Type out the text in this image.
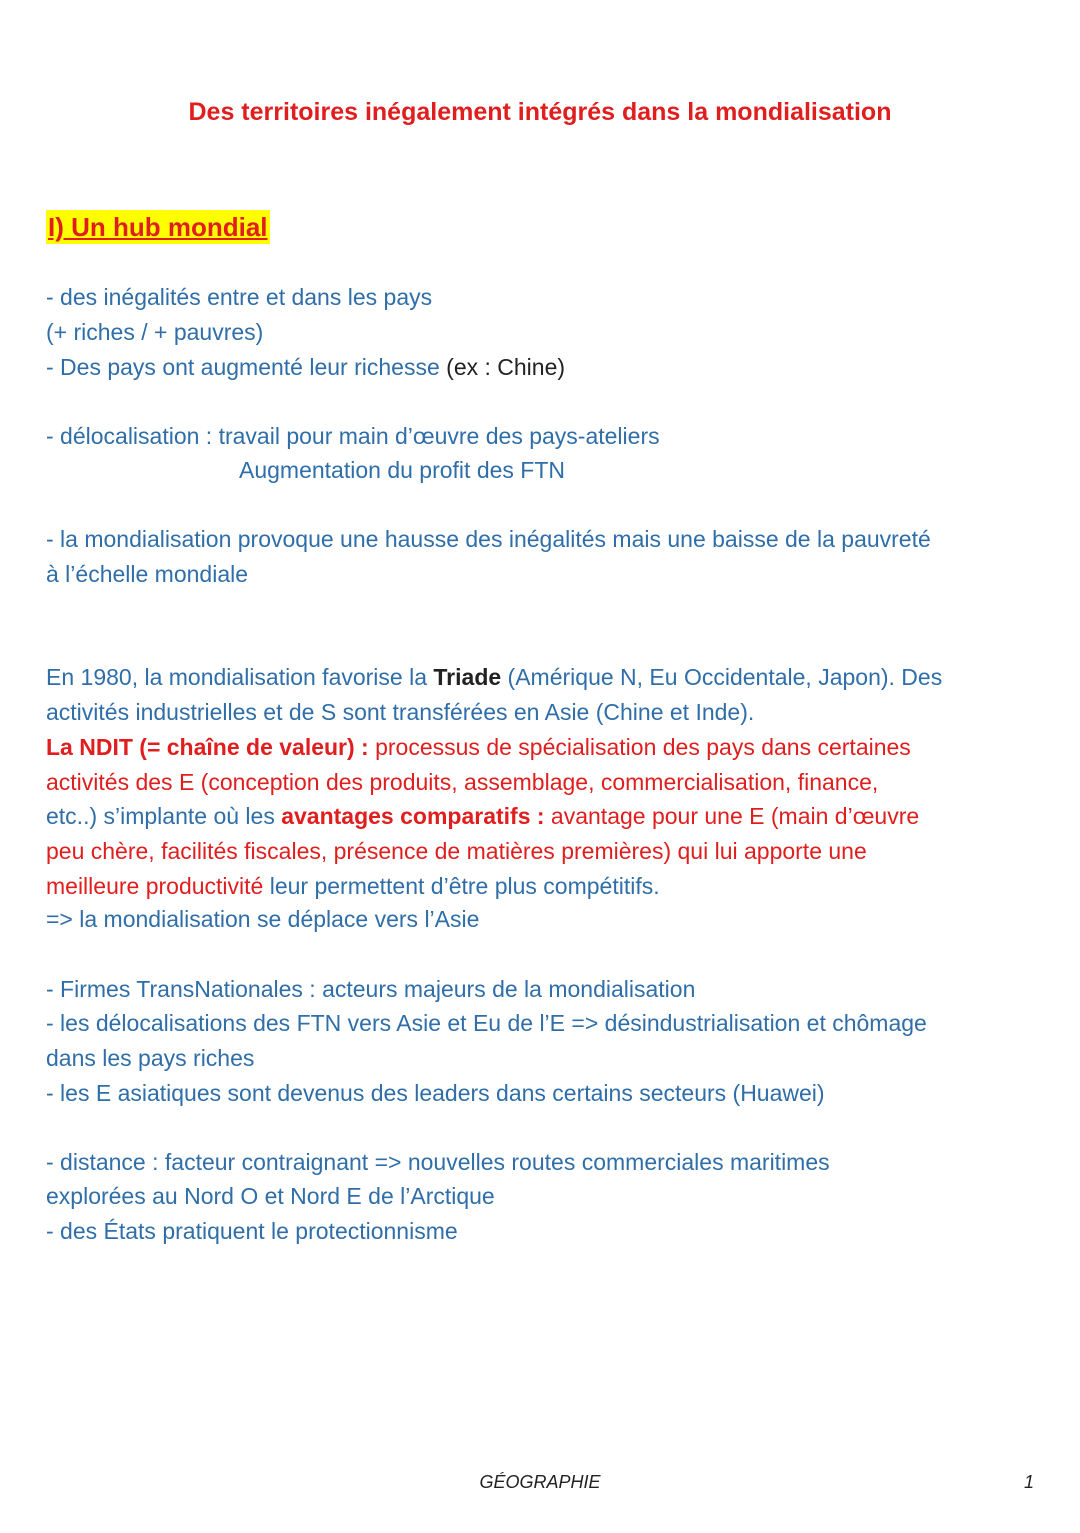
Des territoires inégalement intégrés dans la mondialisation
I) Un hub mondial
- des inégalités entre et dans les pays
(+ riches / + pauvres)
- Des pays ont augmenté leur richesse (ex : Chine)
- délocalisation : travail pour main d’œuvre des pays-ateliers
Augmentation du profit des FTN
- la mondialisation provoque une hausse des inégalités mais une baisse de la pauvreté
à l’échelle mondiale
En 1980, la mondialisation favorise la Triade (Amérique N, Eu Occidentale, Japon). Des
activités industrielles et de S sont transférées en Asie (Chine et Inde).
La NDIT (= chaîne de valeur) : processus de spécialisation des pays dans certaines
activités des E (conception des produits, assemblage, commercialisation, finance,
etc..) s’implante où les avantages comparatifs : avantage pour une E (main d’œuvre
peu chère, facilités fiscales, présence de matières premières) qui lui apporte une
meilleure productivité leur permettent d’être plus compétitifs.
=> la mondialisation se déplace vers l’Asie
- Firmes TransNationales : acteurs majeurs de la mondialisation
- les délocalisations des FTN vers Asie et Eu de l’E => désindustrialisation et chômage
dans les pays riches
- les E asiatiques sont devenus des leaders dans certains secteurs (Huawei)
- distance : facteur contraignant => nouvelles routes commerciales maritimes
explorées au Nord O et Nord E de l’Arctique
- des États pratiquent le protectionnisme
GÉOGRAPHIE	1
